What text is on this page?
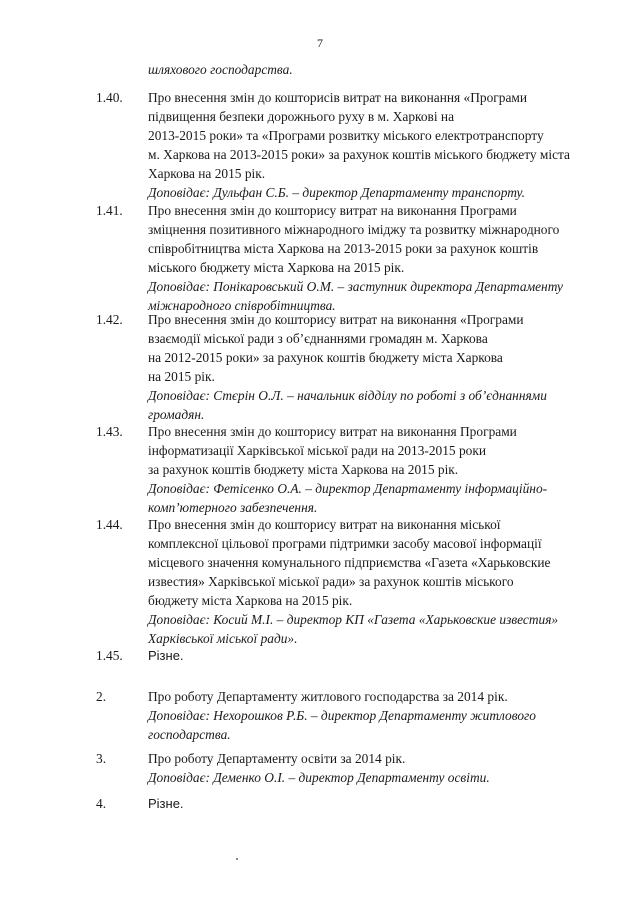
7
шляхового господарства.
1.40. Про внесення змін до кошторисів витрат на виконання «Програми
підвищення безпеки дорожнього руху в м. Харкові на
2013-2015 роки» та «Програми розвитку міського електротранспорту
м. Харкова на 2013-2015 роки» за рахунок коштів міського бюджету міста
Харкова на 2015 рік.
Доповідає: Дульфан С.Б. – директор Департаменту транспорту.
1.41. Про внесення змін до кошторису витрат на виконання Програми
зміцнення позитивного міжнародного іміджу та розвитку міжнародного
співробітництва міста Харкова на 2013-2015 роки за рахунок коштів
міського бюджету міста Харкова на 2015 рік.
Доповідає: Понікаровський О.М. – заступник директора Департаменту
міжнародного співробітництва.
1.42. Про внесення змін до кошторису витрат на виконання «Програми
взаємодії міської ради з об’єднаннями громадян м. Харкова
на 2012-2015 роки» за рахунок коштів бюджету міста Харкова
на 2015 рік.
Доповідає: Стєрін О.Л. – начальник відділу по роботі з об’єднаннями
громадян.
1.43. Про внесення змін до кошторису витрат на виконання Програми
інформатизації Харківської міської ради на 2013-2015 роки
за рахунок коштів бюджету міста Харкова на 2015 рік.
Доповідає: Фетісенко О.А. – директор Департаменту інформаційно-
комп’ютерного забезпечення.
1.44. Про внесення змін до кошторису витрат на виконання міської
комплексної цільової програми підтримки засобу масової інформації
місцевого значення комунального підприємства «Газета «Харьковские
известия» Харківської міської ради» за рахунок коштів міського
бюджету міста Харкова на 2015 рік.
Доповідає: Косий М.І. – директор КП «Газета «Харьковские известия»
Харківської міської ради».
1.45. Різне.
2.	Про роботу Департаменту житлового господарства за 2014 рік.
Доповідає: Нехорошков Р.Б. – директор Департаменту житлового
господарства.
3.	Про роботу Департаменту освіти за 2014 рік.
Доповідає: Деменко О.І. – директор Департаменту освіти.
4.	Різне.
